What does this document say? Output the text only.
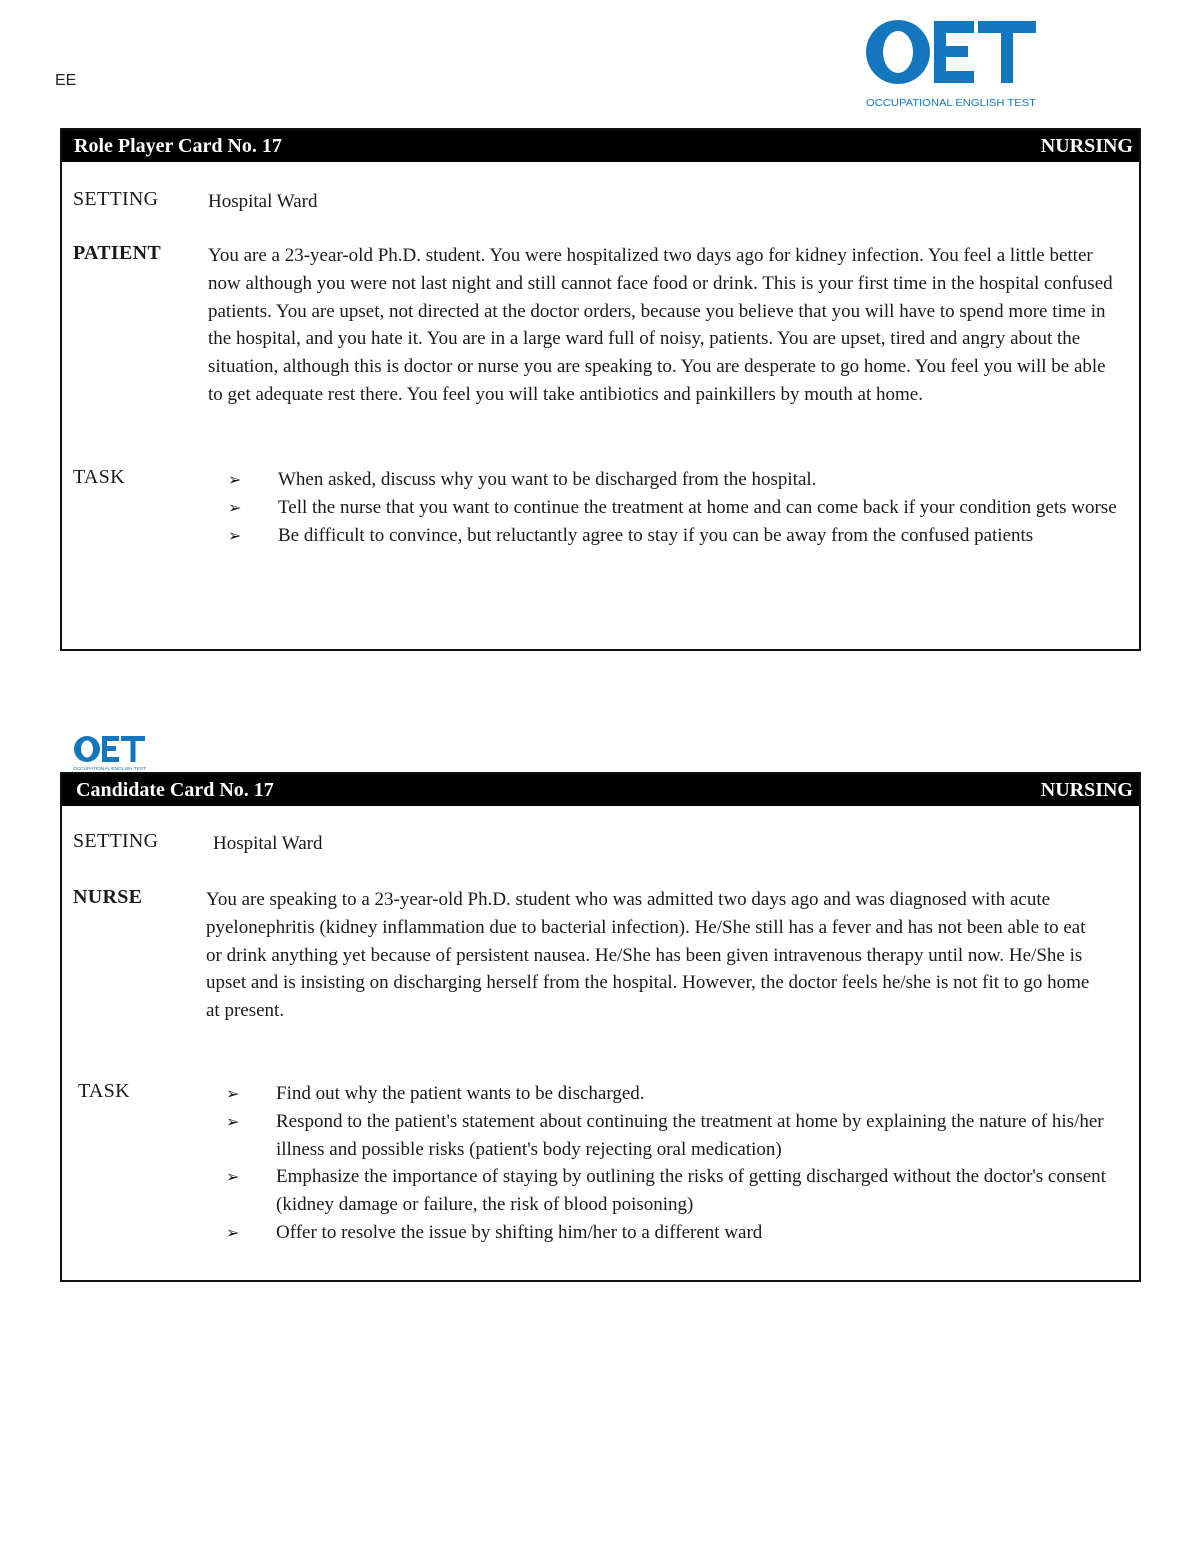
EE
OCCUPATIONAL ENGLISH TEST
Role Player Card No. 17	NURSING
SETTING	Hospital Ward
PATIENT You are a 23-year-old Ph.D. student. You were hospitalized two days ago for kidney infection. You feel a little better now although you were not last night and still cannot face food or drink. This is your first time in the hospital confused patients. You are upset, not directed at the doctor orders, because you believe that you will have to spend more time in the hospital, and you hate it. You are in a large ward full of noisy, patients. You are upset, tired and angry about the situation, although this is doctor or nurse you are speaking to. You are desperate to go home. You feel you will be able to get adequate rest there. You feel you will take antibiotics and painkillers by mouth at home.
TASK	➢ When asked, discuss why you want to be discharged from the hospital.
➢ Tell the nurse that you want to continue the treatment at home and can come back if your condition gets worse
➢ Be difficult to convince, but reluctantly agree to stay if you can be away from the confused patients
OCCUPATIONAL ENGLISH TEST
Candidate Card No. 17	NURSING
SETTING	Hospital Ward
NURSE	You are speaking to a 23-year-old Ph.D. student who was admitted two days ago and was diagnosed with acute pyelonephritis (kidney inflammation due to bacterial infection). He/She still has a fever and has not been able to eat or drink anything yet because of persistent nausea. He/She has been given intravenous therapy until now. He/She is upset and is insisting on discharging herself from the hospital. However, the doctor feels he/she is not fit to go home at present.
TASK	➢ Find out why the patient wants to be discharged.
➢ Respond to the patient's statement about continuing the treatment at home by explaining the nature of his/her illness and possible risks (patient's body rejecting oral medication)
➢ Emphasize the importance of staying by outlining the risks of getting discharged without the doctor's consent (kidney damage or failure, the risk of blood poisoning)
➢ Offer to resolve the issue by shifting him/her to a different ward
